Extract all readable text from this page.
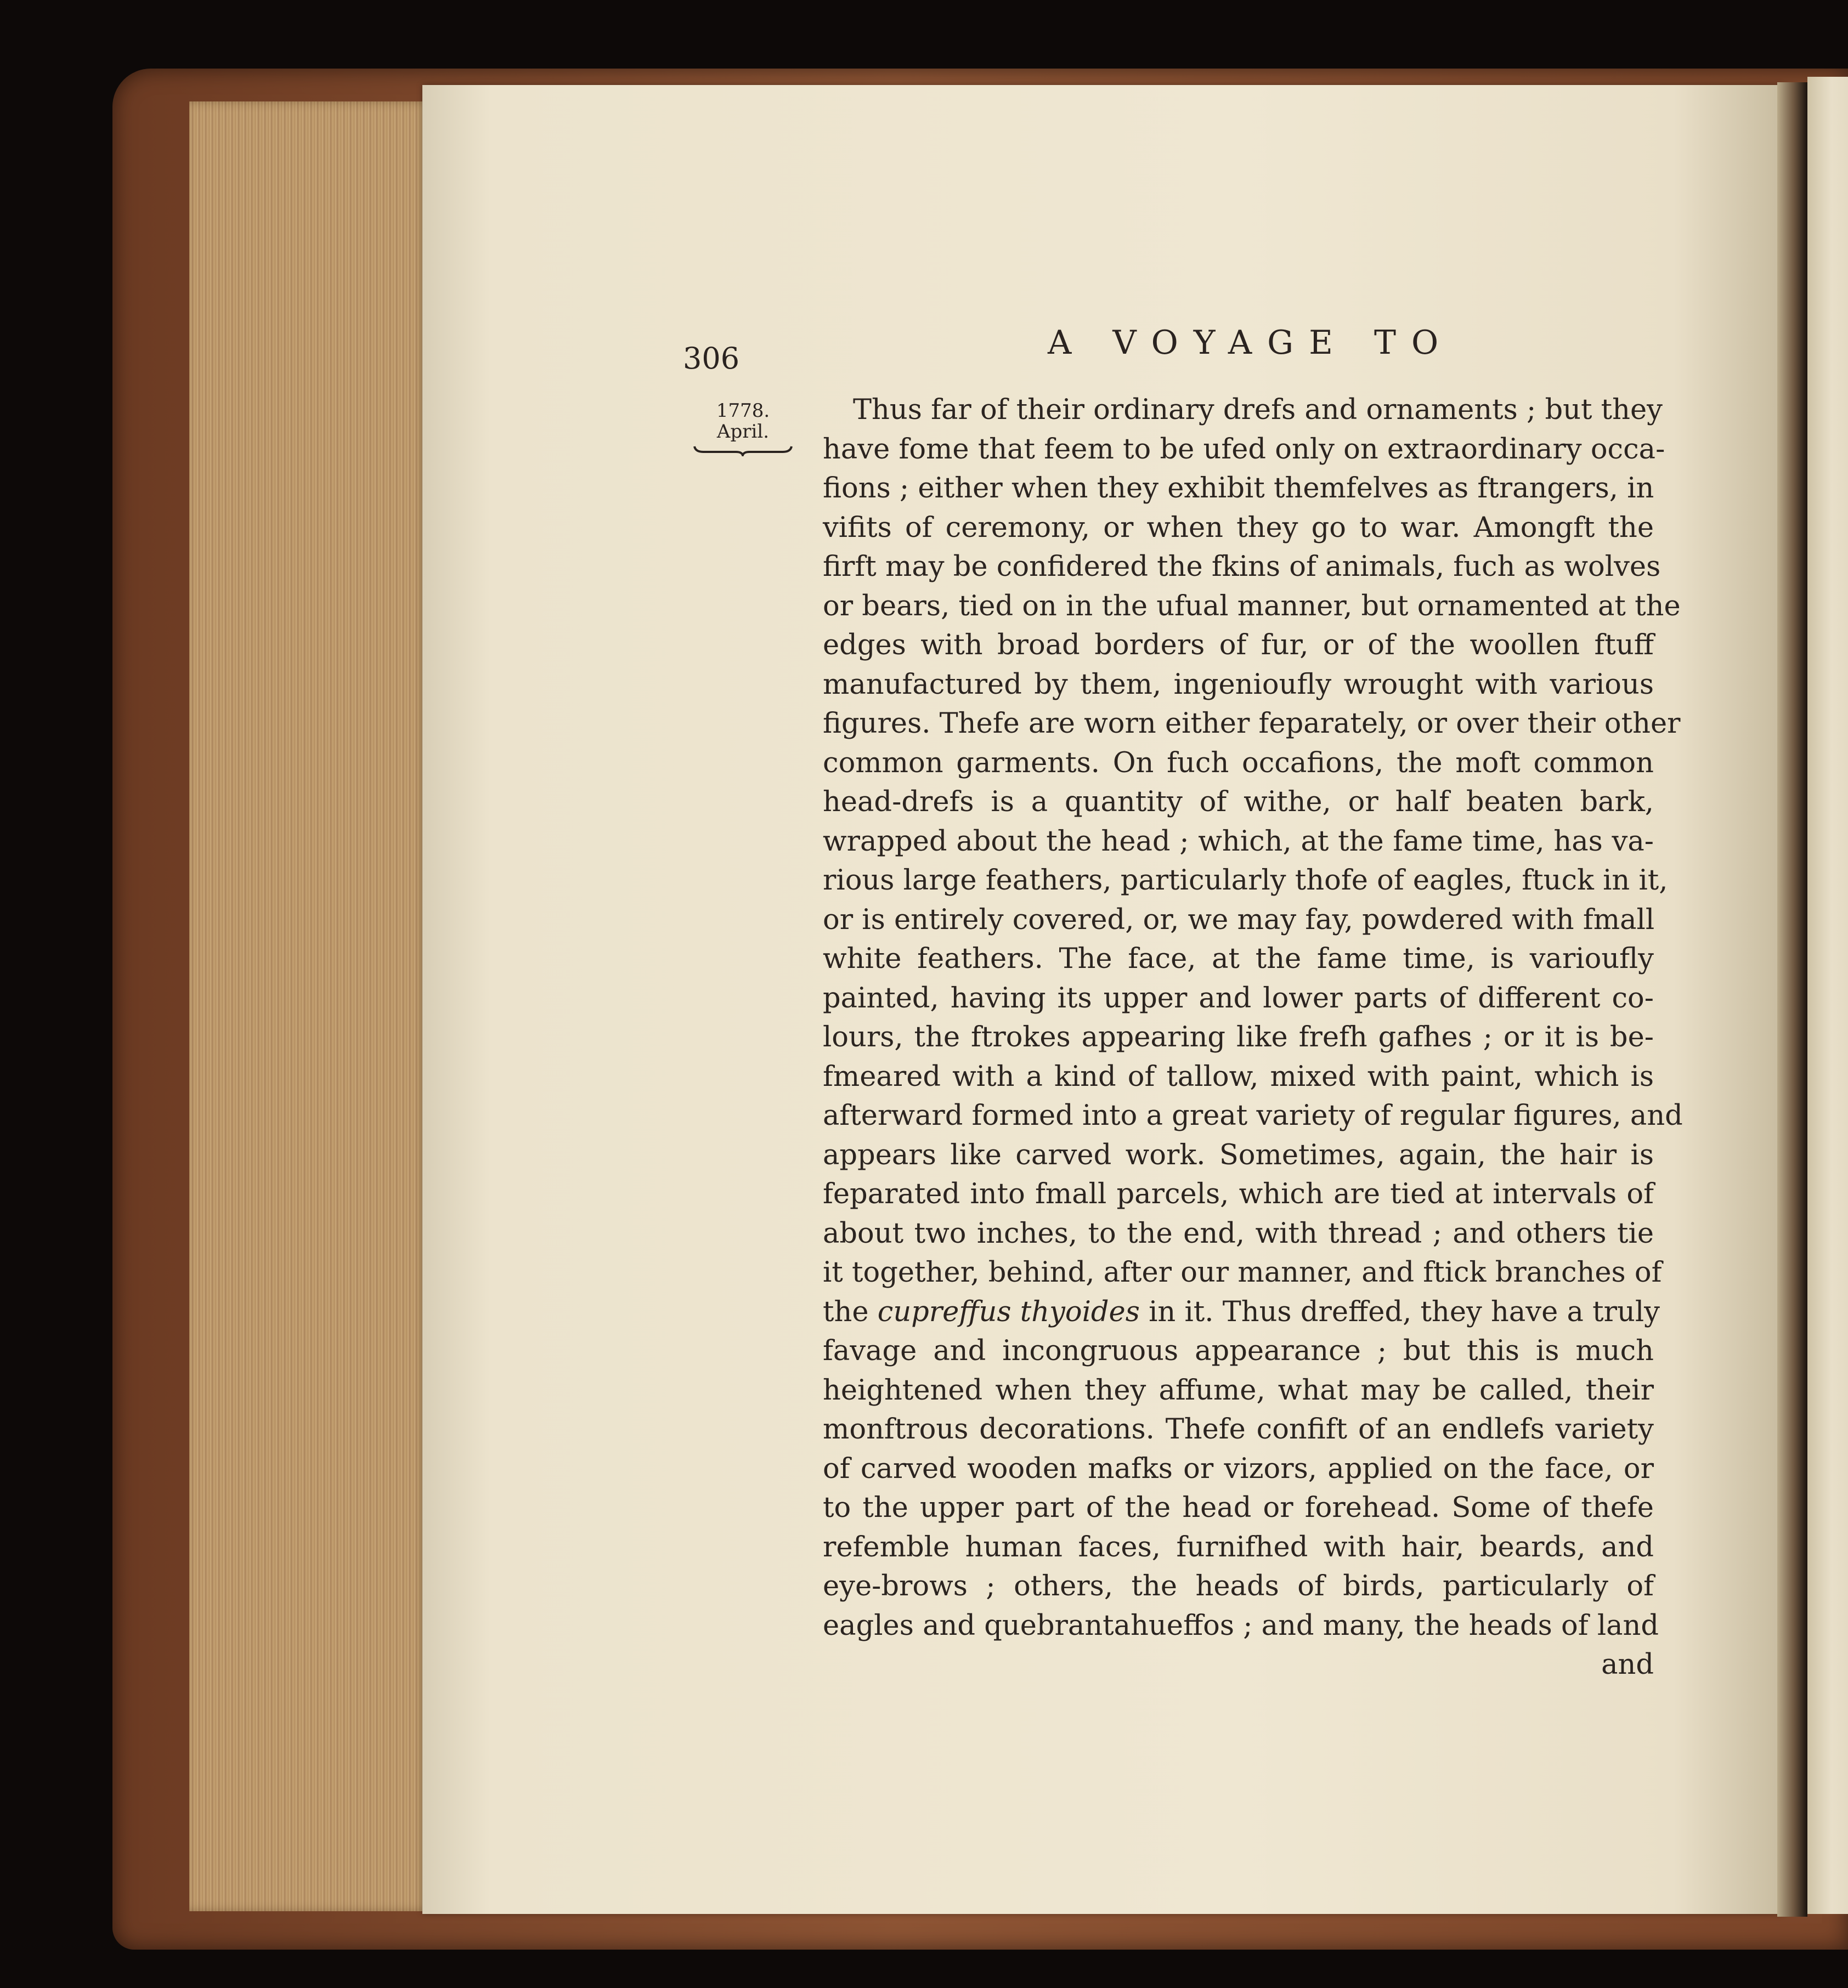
306	A VOYAGE TO
1778.
April.
Thus far of their ordinary drefs and ornaments ; but they
have fome that feem to be ufed only on extraordinary occa-
fions ; either when they exhibit themfelves as ftrangers, in
vifits of ceremony, or when they go to war. Amongft the
firft may be confidered the fkins of animals, fuch as wolves
or bears, tied on in the ufual manner, but ornamented at the
edges with broad borders of fur, or of the woollen ftuff
manufactured by them, ingenioufly wrought with various
figures. Thefe are worn either feparately, or over their other
common garments. On fuch occafions, the moft common
head-drefs is a quantity of withe, or half beaten bark,
wrapped about the head ; which, at the fame time, has va-
rious large feathers, particularly thofe of eagles, ftuck in it,
or is entirely covered, or, we may fay, powdered with fmall
white feathers. The face, at the fame time, is varioufly
painted, having its upper and lower parts of different co-
lours, the ftrokes appearing like frefh gafhes ; or it is be-
fmeared with a kind of tallow, mixed with paint, which is
afterward formed into a great variety of regular figures, and
appears like carved work. Sometimes, again, the hair is
feparated into fmall parcels, which are tied at intervals of
about two inches, to the end, with thread ; and others tie
it together, behind, after our manner, and ftick branches of
the cupreffus thyoides in it. Thus dreffed, they have a truly
favage and incongruous appearance ; but this is much
heightened when they affume, what may be called, their
monftrous decorations. Thefe confift of an endlefs variety
of carved wooden mafks or vizors, applied on the face, or
to the upper part of the head or forehead. Some of thefe
refemble human faces, furnifhed with hair, beards, and
eye-brows ; others, the heads of birds, particularly of
eagles and quebrantahueffos ; and many, the heads of land
and
